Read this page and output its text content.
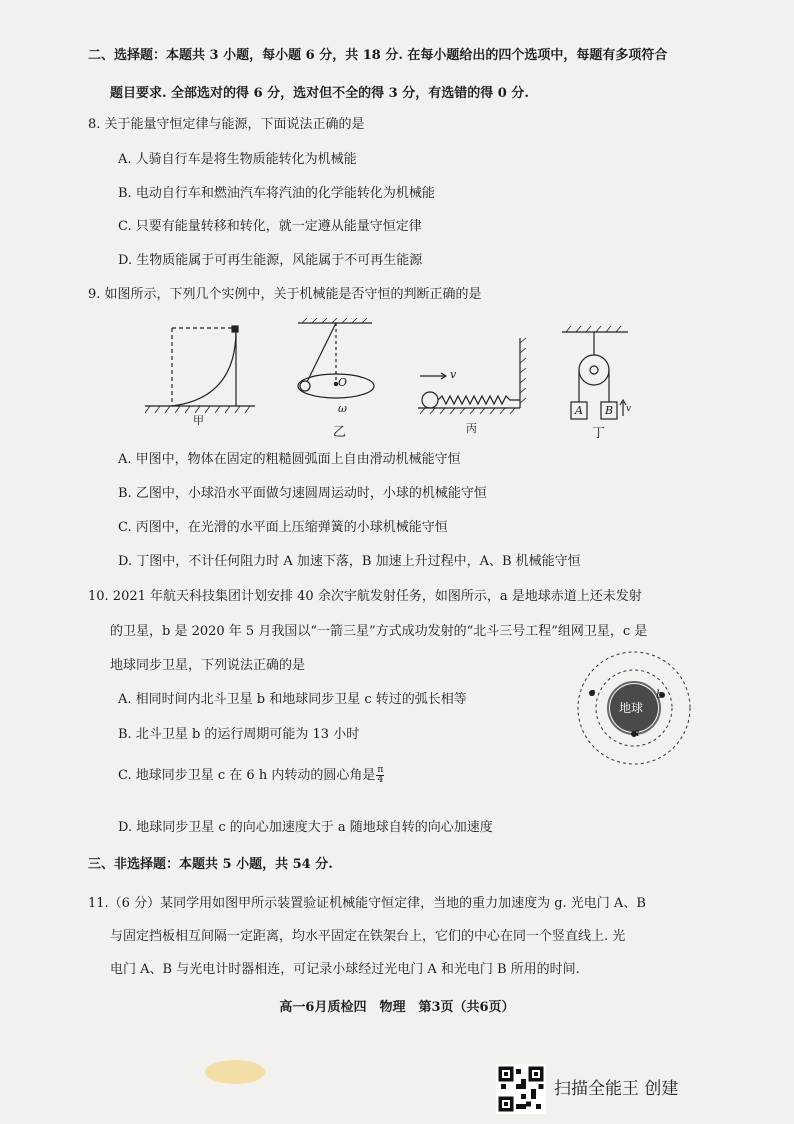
二、选择题：本题共 3 小题，每小题 6 分，共 18 分. 在每小题给出的四个选项中，每题有多项符合
题目要求. 全部选对的得 6 分，选对但不全的得 3 分，有选错的得 0 分.
8. 关于能量守恒定律与能源，下面说法正确的是
A. 人骑自行车是将生物质能转化为机械能
B. 电动自行车和燃油汽车将汽油的化学能转化为机械能
C. 只要有能量转移和转化，就一定遵从能量守恒定律
D. 生物质能属于可再生能源，风能属于不可再生能源
9. 如图所示，下列几个实例中，关于机械能是否守恒的判断正确的是
甲
乙
O
ω
丙
v
丁
A B v
A. 甲图中，物体在固定的粗糙圆弧面上自由滑动机械能守恒
B. 乙图中，小球沿水平面做匀速圆周运动时，小球的机械能守恒
C. 丙图中，在光滑的水平面上压缩弹簧的小球机械能守恒
D. 丁图中，不计任何阻力时 A 加速下落，B 加速上升过程中，A、B 机械能守恒
10. 2021 年航天科技集团计划安排 40 余次宇航发射任务，如图所示，a 是地球赤道上还未发射
的卫星，b 是 2020 年 5 月我国以“一箭三星”方式成功发射的“北斗三号工程”组网卫星，c 是
地球同步卫星，下列说法正确的是
A. 相同时间内北斗卫星 b 和地球同步卫星 c 转过的弧长相等
B. 北斗卫星 b 的运行周期可能为 13 小时
C. 地球同步卫星 c 在 6 h 内转动的圆心角是 $\frac{\pi}{4}$
D. 地球同步卫星 c 的向心加速度大于 a 随地球自转的向心加速度
地球
c	b
a
三、非选择题：本题共 5 小题，共 54 分.
11.（6 分）某同学用如图甲所示装置验证机械能守恒定律，当地的重力加速度为 g. 光电门 A、B
与固定挡板相互间隔一定距离，均水平固定在铁架台上，它们的中心在同一个竖直线上. 光
电门 A、B 与光电计时器相连，可记录小球经过光电门 A 和光电门 B 所用的时间.
高一6月质检四　物理　第3页（共6页）
扫描全能王 创建
